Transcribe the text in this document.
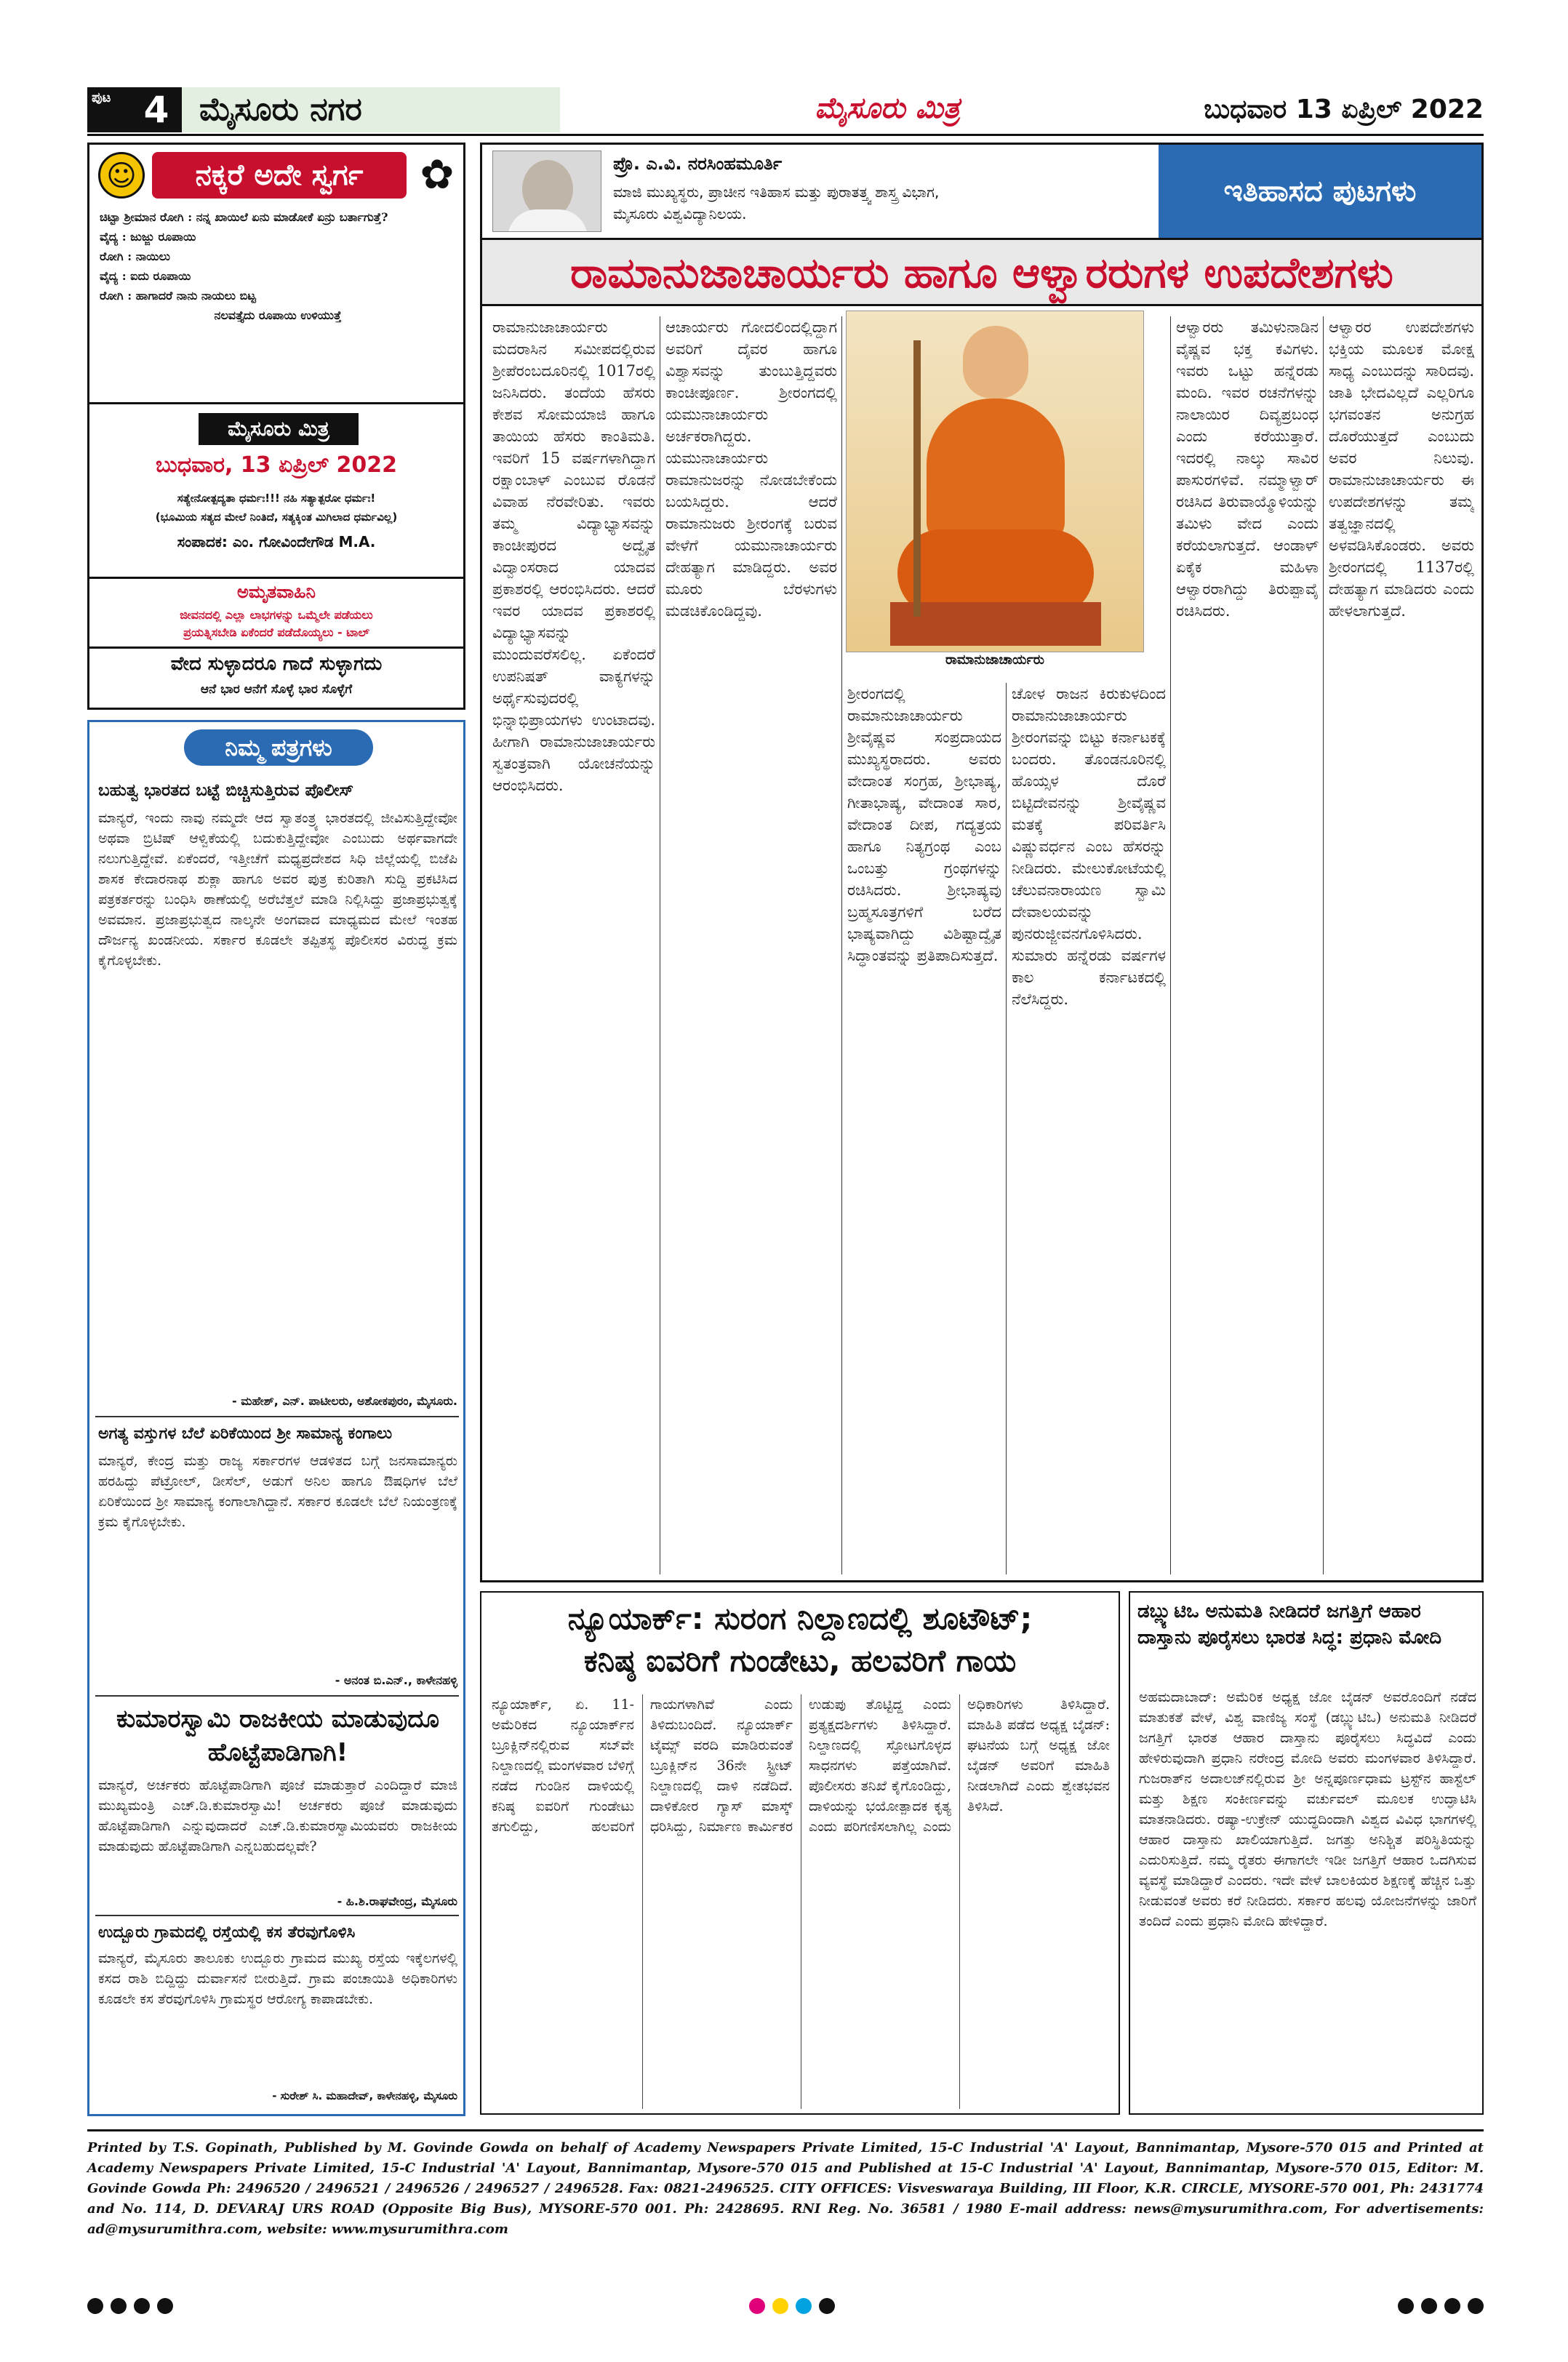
ಪುಟ 4 ಮೈಸೂರು ನಗರ	ಮೈಸೂರು ಮಿತ್ರ	ಬುಧವಾರ 13 ಏಪ್ರಿಲ್ 2022
☺	ನಕ್ಕರೆ ಅದೇ ಸ್ವರ್ಗ	✿
ಚಿಟ್ಟಾ ಶ್ರೀಮಾನ ರೋಗಿ : ನನ್ನ ಖಾಯಿಲೆ ಏನು ಮಾಡೋಕೆ ಏನ್ರು ಬರ್ತಾಗುತ್ತೆ?
ವೈದ್ಯ : ಜುಜ್ಜು ರೂಪಾಯಿ
ರೋಗಿ : ನಾಯಿಲು
ವೈದ್ಯ : ಐದು ರೂಪಾಯಿ
ರೋಗಿ : ಹಾಗಾದರೆ ನಾನು ನಾಯಲು ಬಿಟ್ಟ
ನಲವತ್ತೈದು ರೂಪಾಯಿ ಉಳಿಯುತ್ತೆ
ಮೈಸೂರು ಮಿತ್ರ
ಬುಧವಾರ, 13 ಏಪ್ರಿಲ್ 2022
ಸತ್ಯೇನೋತ್ಪದ್ಯತಾ ಧರ್ಮಃ!!! ನಹಿ ಸತ್ಯಾತ್ಪರೋ ಧರ್ಮಃ!
(ಭೂಮಿಯ ಸತ್ಯದ ಮೇಲೆ ನಿಂತಿದೆ, ಸತ್ಯಕ್ಕಿಂತ ಮಿಗಿಲಾದ ಧರ್ಮವಿಲ್ಲ)
ಸಂಪಾದಕ: ಎಂ. ಗೋವಿಂದೇಗೌಡ M.A.
ಅಮೃತವಾಹಿನಿ
ಜೀವನದಲ್ಲಿ ಎಲ್ಲಾ ಲಾಭಗಳನ್ನು ಒಮ್ಮೆಲೇ ಪಡೆಯಲು
ಪ್ರಯತ್ನಿಸಬೇಡಿ ಏಕೆಂದರೆ ಪಡೆದೊಯ್ಯಲು - ಟಾಲ್
ವೇದ ಸುಳ್ಳಾದರೂ ಗಾದೆ ಸುಳ್ಳಾಗದು
ಆನೆ ಭಾರ ಆನೆಗೆ ಸೊಳ್ಳೆ ಭಾರ ಸೊಳ್ಳೆಗೆ
ನಿಮ್ಮ ಪತ್ರಗಳು
ಬಹುತ್ವ ಭಾರತದ ಬಟ್ಟೆ ಬಿಚ್ಚಿಸುತ್ತಿರುವ ಪೊಲೀಸ್
ಮಾನ್ಯರೆ, ಇಂದು ನಾವು ನಮ್ಮದೇ ಆದ ಸ್ವಾತಂತ್ರ್ಯ ಭಾರತದಲ್ಲಿ ಜೀವಿಸುತ್ತಿದ್ದೇವೋ ಅಥವಾ ಬ್ರಿಟಿಷ್ ಆಳ್ವಿಕೆಯಲ್ಲಿ ಬದುಕುತ್ತಿದ್ದೇವೋ ಎಂಬುದು ಅರ್ಥವಾಗದೇ ನಲುಗುತ್ತಿದ್ದೇವೆ. ಏಕೆಂದರೆ, ಇತ್ತೀಚೆಗೆ ಮಧ್ಯಪ್ರದೇಶದ ಸಿಧಿ ಜಿಲ್ಲೆಯಲ್ಲಿ ಬಿಜೆಪಿ ಶಾಸಕ ಕೇದಾರನಾಥ ಶುಕ್ಲಾ ಹಾಗೂ ಅವರ ಪುತ್ರ ಕುರಿತಾಗಿ ಸುದ್ದಿ ಪ್ರಕಟಿಸಿದ ಪತ್ರಕರ್ತರನ್ನು ಬಂಧಿಸಿ ಠಾಣೆಯಲ್ಲಿ ಅರೆಬೆತ್ತಲೆ ಮಾಡಿ ನಿಲ್ಲಿಸಿದ್ದು ಪ್ರಜಾಪ್ರಭುತ್ವಕ್ಕೆ ಅವಮಾನ. ಪ್ರಜಾಪ್ರಭುತ್ವದ ನಾಲ್ಕನೇ ಅಂಗವಾದ ಮಾಧ್ಯಮದ ಮೇಲೆ ಇಂತಹ ದೌರ್ಜನ್ಯ ಖಂಡನೀಯ. ಸರ್ಕಾರ ಕೂಡಲೇ ತಪ್ಪಿತಸ್ಥ ಪೊಲೀಸರ ವಿರುದ್ಧ ಕ್ರಮ ಕೈಗೊಳ್ಳಬೇಕು.
- ಮಹೇಶ್, ಎನ್. ಪಾಟೀಲರು, ಅಶೋಕಪುರಂ, ಮೈಸೂರು.
ಅಗತ್ಯ ವಸ್ತುಗಳ ಬೆಲೆ ಏರಿಕೆಯಿಂದ ಶ್ರೀ ಸಾಮಾನ್ಯ ಕಂಗಾಲು
ಮಾನ್ಯರೆ, ಕೇಂದ್ರ ಮತ್ತು ರಾಜ್ಯ ಸರ್ಕಾರಗಳ ಆಡಳಿತದ ಬಗ್ಗೆ ಜನಸಾಮಾನ್ಯರು ಹರಹಿದ್ದು ಪೆಟ್ರೋಲ್, ಡೀಸೆಲ್, ಅಡುಗೆ ಅನಿಲ ಹಾಗೂ ಔಷಧಿಗಳ ಬೆಲೆ ಏರಿಕೆಯಿಂದ ಶ್ರೀ ಸಾಮಾನ್ಯ ಕಂಗಾಲಾಗಿದ್ದಾನೆ. ಸರ್ಕಾರ ಕೂಡಲೇ ಬೆಲೆ ನಿಯಂತ್ರಣಕ್ಕೆ ಕ್ರಮ ಕೈಗೊಳ್ಳಬೇಕು.
- ಅನಂತ ಬಿ.ಎನ್., ಕಾಳೇನಹಳ್ಳಿ
ಕುಮಾರಸ್ವಾಮಿ ರಾಜಕೀಯ ಮಾಡುವುದೂ ಹೊಟ್ಟೆಪಾಡಿಗಾಗಿ!
ಮಾನ್ಯರೆ, ಅರ್ಚಕರು ಹೊಟ್ಟೆಪಾಡಿಗಾಗಿ ಪೂಜೆ ಮಾಡುತ್ತಾರೆ ಎಂದಿದ್ದಾರೆ ಮಾಜಿ ಮುಖ್ಯಮಂತ್ರಿ ಎಚ್.ಡಿ.ಕುಮಾರಸ್ವಾಮಿ! ಅರ್ಚಕರು ಪೂಜೆ ಮಾಡುವುದು ಹೊಟ್ಟೆಪಾಡಿಗಾಗಿ ಎನ್ನುವುದಾದರೆ ಎಚ್.ಡಿ.ಕುಮಾರಸ್ವಾಮಿಯವರು ರಾಜಕೀಯ ಮಾಡುವುದು ಹೊಟ್ಟೆಪಾಡಿಗಾಗಿ ಎನ್ನಬಹುದಲ್ಲವೇ?
- ಹಿ.ಶಿ.ರಾಘವೇಂದ್ರ, ಮೈಸೂರು
ಉದ್ಬೂರು ಗ್ರಾಮದಲ್ಲಿ ರಸ್ತೆಯಲ್ಲಿ ಕಸ ತೆರವುಗೊಳಿಸಿ
ಮಾನ್ಯರೆ, ಮೈಸೂರು ತಾಲೂಕು ಉದ್ಬೂರು ಗ್ರಾಮದ ಮುಖ್ಯ ರಸ್ತೆಯ ಇಕ್ಕೆಲಗಳಲ್ಲಿ ಕಸದ ರಾಶಿ ಬಿದ್ದಿದ್ದು ದುರ್ವಾಸನೆ ಬೀರುತ್ತಿದೆ. ಗ್ರಾಮ ಪಂಚಾಯಿತಿ ಅಧಿಕಾರಿಗಳು ಕೂಡಲೇ ಕಸ ತೆರವುಗೊಳಿಸಿ ಗ್ರಾಮಸ್ಥರ ಆರೋಗ್ಯ ಕಾಪಾಡಬೇಕು.
- ಸುರೇಶ್ ಸಿ. ಮಹಾದೇವ್, ಕಾಳೇನಹಳ್ಳಿ, ಮೈಸೂರು
ಪ್ರೊ. ಎ.ವಿ. ನರಸಿಂಹಮೂರ್ತಿ
ಮಾಜಿ ಮುಖ್ಯಸ್ಥರು, ಪ್ರಾಚೀನ ಇತಿಹಾಸ ಮತ್ತು ಪುರಾತತ್ತ್ವ ಶಾಸ್ತ್ರ ವಿಭಾಗ,
ಮೈಸೂರು ವಿಶ್ವವಿದ್ಯಾನಿಲಯ.
ಇತಿಹಾಸದ ಪುಟಗಳು
ರಾಮಾನುಜಾಚಾರ್ಯರು ಹಾಗೂ ಆಳ್ವಾರರುಗಳ ಉಪದೇಶಗಳು
ರಾಮಾನುಜಾಚಾರ್ಯರು
ರಾಮಾನುಜಾಚಾರ್ಯರು ಮದರಾಸಿನ ಸಮೀಪದಲ್ಲಿರುವ ಶ್ರೀಪೆರಂಬದೂರಿನಲ್ಲಿ 1017ರಲ್ಲಿ ಜನಿಸಿದರು. ತಂದೆಯ ಹೆಸರು ಕೇಶವ ಸೋಮಯಾಜಿ ಹಾಗೂ ತಾಯಿಯ ಹೆಸರು ಕಾಂತಿಮತಿ. ಇವರಿಗೆ 15 ವರ್ಷಗಳಾಗಿದ್ದಾಗ ರಕ್ಷಾಂಬಾಳ್ ಎಂಬುವ ರೊಡನೆ ವಿವಾಹ ನೆರವೇರಿತು. ಇವರು ತಮ್ಮ ವಿದ್ಯಾಭ್ಯಾಸವನ್ನು ಕಾಂಚೀಪುರದ ಅದ್ವೈತ ವಿದ್ವಾಂಸರಾದ ಯಾದವ ಪ್ರಕಾಶರಲ್ಲಿ ಆರಂಭಿಸಿದರು. ಆದರೆ ಇವರ ಯಾದವ ಪ್ರಕಾಶರಲ್ಲಿ ವಿದ್ಯಾಭ್ಯಾಸವನ್ನು ಮುಂದುವರೆಸಲಿಲ್ಲ. ಏಕೆಂದರೆ ಉಪನಿಷತ್ ವಾಕ್ಯಗಳನ್ನು ಅರ್ಥೈಸುವುದರಲ್ಲಿ ಭಿನ್ನಾಭಿಪ್ರಾಯಗಳು ಉಂಟಾದವು. ಹೀಗಾಗಿ ರಾಮಾನುಜಾಚಾರ್ಯರು ಸ್ವತಂತ್ರವಾಗಿ ಯೋಚನೆಯನ್ನು ಆರಂಭಿಸಿದರು.
ಆಚಾರ್ಯರು ಗೋದಲಿಂದಲ್ಲಿದ್ದಾಗ ಅವರಿಗೆ ದೈವರ ಹಾಗೂ ವಿಶ್ವಾಸವನ್ನು ತುಂಬುತ್ತಿದ್ದವರು ಕಾಂಚೀಪೂರ್ಣ. ಶ್ರೀರಂಗದಲ್ಲಿ ಯಮುನಾಚಾರ್ಯರು ಅರ್ಚಕರಾಗಿದ್ದರು. ಯಮುನಾಚಾರ್ಯರು ರಾಮಾನುಜರನ್ನು ನೋಡಬೇಕೆಂದು ಬಯಸಿದ್ದರು. ಆದರೆ ರಾಮಾನುಜರು ಶ್ರೀರಂಗಕ್ಕೆ ಬರುವ ವೇಳೆಗೆ ಯಮುನಾಚಾರ್ಯರು ದೇಹತ್ಯಾಗ ಮಾಡಿದ್ದರು. ಅವರ ಮೂರು ಬೆರಳುಗಳು ಮಡಚಿಕೊಂಡಿದ್ದವು.
ಶ್ರೀರಂಗದಲ್ಲಿ ರಾಮಾನುಜಾಚಾರ್ಯರು ಶ್ರೀವೈಷ್ಣವ ಸಂಪ್ರದಾಯದ ಮುಖ್ಯಸ್ಥರಾದರು. ಅವರು ವೇದಾಂತ ಸಂಗ್ರಹ, ಶ್ರೀಭಾಷ್ಯ, ಗೀತಾಭಾಷ್ಯ, ವೇದಾಂತ ಸಾರ, ವೇದಾಂತ ದೀಪ, ಗದ್ಯತ್ರಯ ಹಾಗೂ ನಿತ್ಯಗ್ರಂಥ ಎಂಬ ಒಂಬತ್ತು ಗ್ರಂಥಗಳನ್ನು ರಚಿಸಿದರು. ಶ್ರೀಭಾಷ್ಯವು ಬ್ರಹ್ಮಸೂತ್ರಗಳಿಗೆ ಬರೆದ ಭಾಷ್ಯವಾಗಿದ್ದು ವಿಶಿಷ್ಟಾದ್ವೈತ ಸಿದ್ಧಾಂತವನ್ನು ಪ್ರತಿಪಾದಿಸುತ್ತದೆ.
ಚೋಳ ರಾಜನ ಕಿರುಕುಳದಿಂದ ರಾಮಾನುಜಾಚಾರ್ಯರು ಶ್ರೀರಂಗವನ್ನು ಬಿಟ್ಟು ಕರ್ನಾಟಕಕ್ಕೆ ಬಂದರು. ತೊಂಡನೂರಿನಲ್ಲಿ ಹೊಯ್ಸಳ ದೊರೆ ಬಿಟ್ಟಿದೇವನನ್ನು ಶ್ರೀವೈಷ್ಣವ ಮತಕ್ಕೆ ಪರಿವರ್ತಿಸಿ ವಿಷ್ಣುವರ್ಧನ ಎಂಬ ಹೆಸರನ್ನು ನೀಡಿದರು. ಮೇಲುಕೋಟೆಯಲ್ಲಿ ಚೆಲುವನಾರಾಯಣ ಸ್ವಾಮಿ ದೇವಾಲಯವನ್ನು ಪುನರುಜ್ಜೀವನಗೊಳಿಸಿದರು. ಸುಮಾರು ಹನ್ನೆರಡು ವರ್ಷಗಳ ಕಾಲ ಕರ್ನಾಟಕದಲ್ಲಿ ನೆಲೆಸಿದ್ದರು.
ಆಳ್ವಾರರು ತಮಿಳುನಾಡಿನ ವೈಷ್ಣವ ಭಕ್ತ ಕವಿಗಳು. ಇವರು ಒಟ್ಟು ಹನ್ನೆರಡು ಮಂದಿ. ಇವರ ರಚನೆಗಳನ್ನು ನಾಲಾಯಿರ ದಿವ್ಯಪ್ರಬಂಧ ಎಂದು ಕರೆಯುತ್ತಾರೆ. ಇದರಲ್ಲಿ ನಾಲ್ಕು ಸಾವಿರ ಪಾಸುರಗಳಿವೆ. ನಮ್ಮಾಳ್ವಾರ್ ರಚಿಸಿದ ತಿರುವಾಯ್ಮೊಳಿಯನ್ನು ತಮಿಳು ವೇದ ಎಂದು ಕರೆಯಲಾಗುತ್ತದೆ. ಆಂಡಾಳ್ ಏಕೈಕ ಮಹಿಳಾ ಆಳ್ವಾರರಾಗಿದ್ದು ತಿರುಪ್ಪಾವೈ ರಚಿಸಿದರು.
ಆಳ್ವಾರರ ಉಪದೇಶಗಳು ಭಕ್ತಿಯ ಮೂಲಕ ಮೋಕ್ಷ ಸಾಧ್ಯ ಎಂಬುದನ್ನು ಸಾರಿದವು. ಜಾತಿ ಭೇದವಿಲ್ಲದೆ ಎಲ್ಲರಿಗೂ ಭಗವಂತನ ಅನುಗ್ರಹ ದೊರೆಯುತ್ತದೆ ಎಂಬುದು ಅವರ ನಿಲುವು. ರಾಮಾನುಜಾಚಾರ್ಯರು ಈ ಉಪದೇಶಗಳನ್ನು ತಮ್ಮ ತತ್ವಜ್ಞಾನದಲ್ಲಿ ಅಳವಡಿಸಿಕೊಂಡರು. ಅವರು ಶ್ರೀರಂಗದಲ್ಲಿ 1137ರಲ್ಲಿ ದೇಹತ್ಯಾಗ ಮಾಡಿದರು ಎಂದು ಹೇಳಲಾಗುತ್ತದೆ.
ನ್ಯೂಯಾರ್ಕ್: ಸುರಂಗ ನಿಲ್ದಾಣದಲ್ಲಿ ಶೂಟೌಟ್;
ಕನಿಷ್ಠ ಐವರಿಗೆ ಗುಂಡೇಟು, ಹಲವರಿಗೆ ಗಾಯ
ನ್ಯೂಯಾರ್ಕ್, ಏ. 11- ಅಮೆರಿಕದ ನ್ಯೂಯಾರ್ಕ್‌ನ ಬ್ರೂಕ್ಲಿನ್‌ನಲ್ಲಿರುವ ಸಬ್‌ವೇ ನಿಲ್ದಾಣದಲ್ಲಿ ಮಂಗಳವಾರ ಬೆಳಿಗ್ಗೆ ನಡೆದ ಗುಂಡಿನ ದಾಳಿಯಲ್ಲಿ ಕನಿಷ್ಠ ಐವರಿಗೆ ಗುಂಡೇಟು ತಗುಲಿದ್ದು, ಹಲವರಿಗೆ ಗಾಯಗಳಾಗಿವೆ ಎಂದು ತಿಳಿದುಬಂದಿದೆ. ನ್ಯೂಯಾರ್ಕ್ ಟೈಮ್ಸ್ ವರದಿ ಮಾಡಿರುವಂತೆ ಬ್ರೂಕ್ಲಿನ್‌ನ 36ನೇ ಸ್ಟ್ರೀಟ್ ನಿಲ್ದಾಣದಲ್ಲಿ ದಾಳಿ ನಡೆದಿದೆ. ದಾಳಿಕೋರ ಗ್ಯಾಸ್ ಮಾಸ್ಕ್ ಧರಿಸಿದ್ದು, ನಿರ್ಮಾಣ ಕಾರ್ಮಿಕರ ಉಡುಪು ತೊಟ್ಟಿದ್ದ ಎಂದು ಪ್ರತ್ಯಕ್ಷದರ್ಶಿಗಳು ತಿಳಿಸಿದ್ದಾರೆ. ನಿಲ್ದಾಣದಲ್ಲಿ ಸ್ಫೋಟಗೊಳ್ಳದ ಸಾಧನಗಳು ಪತ್ತೆಯಾಗಿವೆ. ಪೊಲೀಸರು ತನಿಖೆ ಕೈಗೊಂಡಿದ್ದು, ದಾಳಿಯನ್ನು ಭಯೋತ್ಪಾದಕ ಕೃತ್ಯ ಎಂದು ಪರಿಗಣಿಸಲಾಗಿಲ್ಲ ಎಂದು ಅಧಿಕಾರಿಗಳು ತಿಳಿಸಿದ್ದಾರೆ. ಮಾಹಿತಿ ಪಡೆದ ಅಧ್ಯಕ್ಷ ಬೈಡನ್: ಘಟನೆಯ ಬಗ್ಗೆ ಅಧ್ಯಕ್ಷ ಜೋ ಬೈಡನ್ ಅವರಿಗೆ ಮಾಹಿತಿ ನೀಡಲಾಗಿದೆ ಎಂದು ಶ್ವೇತಭವನ ತಿಳಿಸಿದೆ.
ಡಬ್ಲ್ಯುಟಿಒ ಅನುಮತಿ ನೀಡಿದರೆ ಜಗತ್ತಿಗೆ ಆಹಾರ ದಾಸ್ತಾನು ಪೂರೈಸಲು ಭಾರತ ಸಿದ್ಧ: ಪ್ರಧಾನಿ ಮೋದಿ
ಅಹಮದಾಬಾದ್: ಅಮೆರಿಕ ಅಧ್ಯಕ್ಷ ಜೋ ಬೈಡನ್ ಅವರೊಂದಿಗೆ ನಡೆದ ಮಾತುಕತೆ ವೇಳೆ, ವಿಶ್ವ ವಾಣಿಜ್ಯ ಸಂಸ್ಥೆ (ಡಬ್ಲ್ಯುಟಿಒ) ಅನುಮತಿ ನೀಡಿದರೆ ಜಗತ್ತಿಗೆ ಭಾರತ ಆಹಾರ ದಾಸ್ತಾನು ಪೂರೈಸಲು ಸಿದ್ಧವಿದೆ ಎಂದು ಹೇಳಿರುವುದಾಗಿ ಪ್ರಧಾನಿ ನರೇಂದ್ರ ಮೋದಿ ಅವರು ಮಂಗಳವಾರ ತಿಳಿಸಿದ್ದಾರೆ. ಗುಜರಾತ್‌ನ ಅದಾಲಜ್‌ನಲ್ಲಿರುವ ಶ್ರೀ ಅನ್ನಪೂರ್ಣಧಾಮ ಟ್ರಸ್ಟ್‌ನ ಹಾಸ್ಟೆಲ್ ಮತ್ತು ಶಿಕ್ಷಣ ಸಂಕೀರ್ಣವನ್ನು ವರ್ಚುವಲ್ ಮೂಲಕ ಉದ್ಘಾಟಿಸಿ ಮಾತನಾಡಿದರು. ರಷ್ಯಾ-ಉಕ್ರೇನ್ ಯುದ್ಧದಿಂದಾಗಿ ವಿಶ್ವದ ವಿವಿಧ ಭಾಗಗಳಲ್ಲಿ ಆಹಾರ ದಾಸ್ತಾನು ಖಾಲಿಯಾಗುತ್ತಿದೆ. ಜಗತ್ತು ಅನಿಶ್ಚಿತ ಪರಿಸ್ಥಿತಿಯನ್ನು ಎದುರಿಸುತ್ತಿದೆ. ನಮ್ಮ ರೈತರು ಈಗಾಗಲೇ ಇಡೀ ಜಗತ್ತಿಗೆ ಆಹಾರ ಒದಗಿಸುವ ವ್ಯವಸ್ಥೆ ಮಾಡಿದ್ದಾರೆ ಎಂದರು. ಇದೇ ವೇಳೆ ಬಾಲಕಿಯರ ಶಿಕ್ಷಣಕ್ಕೆ ಹೆಚ್ಚಿನ ಒತ್ತು ನೀಡುವಂತೆ ಅವರು ಕರೆ ನೀಡಿದರು. ಸರ್ಕಾರ ಹಲವು ಯೋಜನೆಗಳನ್ನು ಜಾರಿಗೆ ತಂದಿದೆ ಎಂದು ಪ್ರಧಾನಿ ಮೋದಿ ಹೇಳಿದ್ದಾರೆ.
Printed by T.S. Gopinath, Published by M. Govinde Gowda on behalf of Academy Newspapers Private Limited, 15-C Industrial 'A' Layout, Bannimantap, Mysore-570 015 and Printed at Academy Newspapers Private Limited, 15-C Industrial 'A' Layout, Bannimantap, Mysore-570 015 and Published at 15-C Industrial 'A' Layout, Bannimantap, Mysore-570 015, Editor: M. Govinde Gowda Ph: 2496520 / 2496521 / 2496526 / 2496527 / 2496528. Fax: 0821-2496525. CITY OFFICES: Visveswaraya Building, III Floor, K.R. CIRCLE, MYSORE-570 001, Ph: 2431774 and No. 114, D. DEVARAJ URS ROAD (Opposite Big Bus), MYSORE-570 001. Ph: 2428695. RNI Reg. No. 36581 / 1980 E-mail address: news@mysurumithra.com, For advertisements: ad@mysurumithra.com, website: www.mysurumithra.com
